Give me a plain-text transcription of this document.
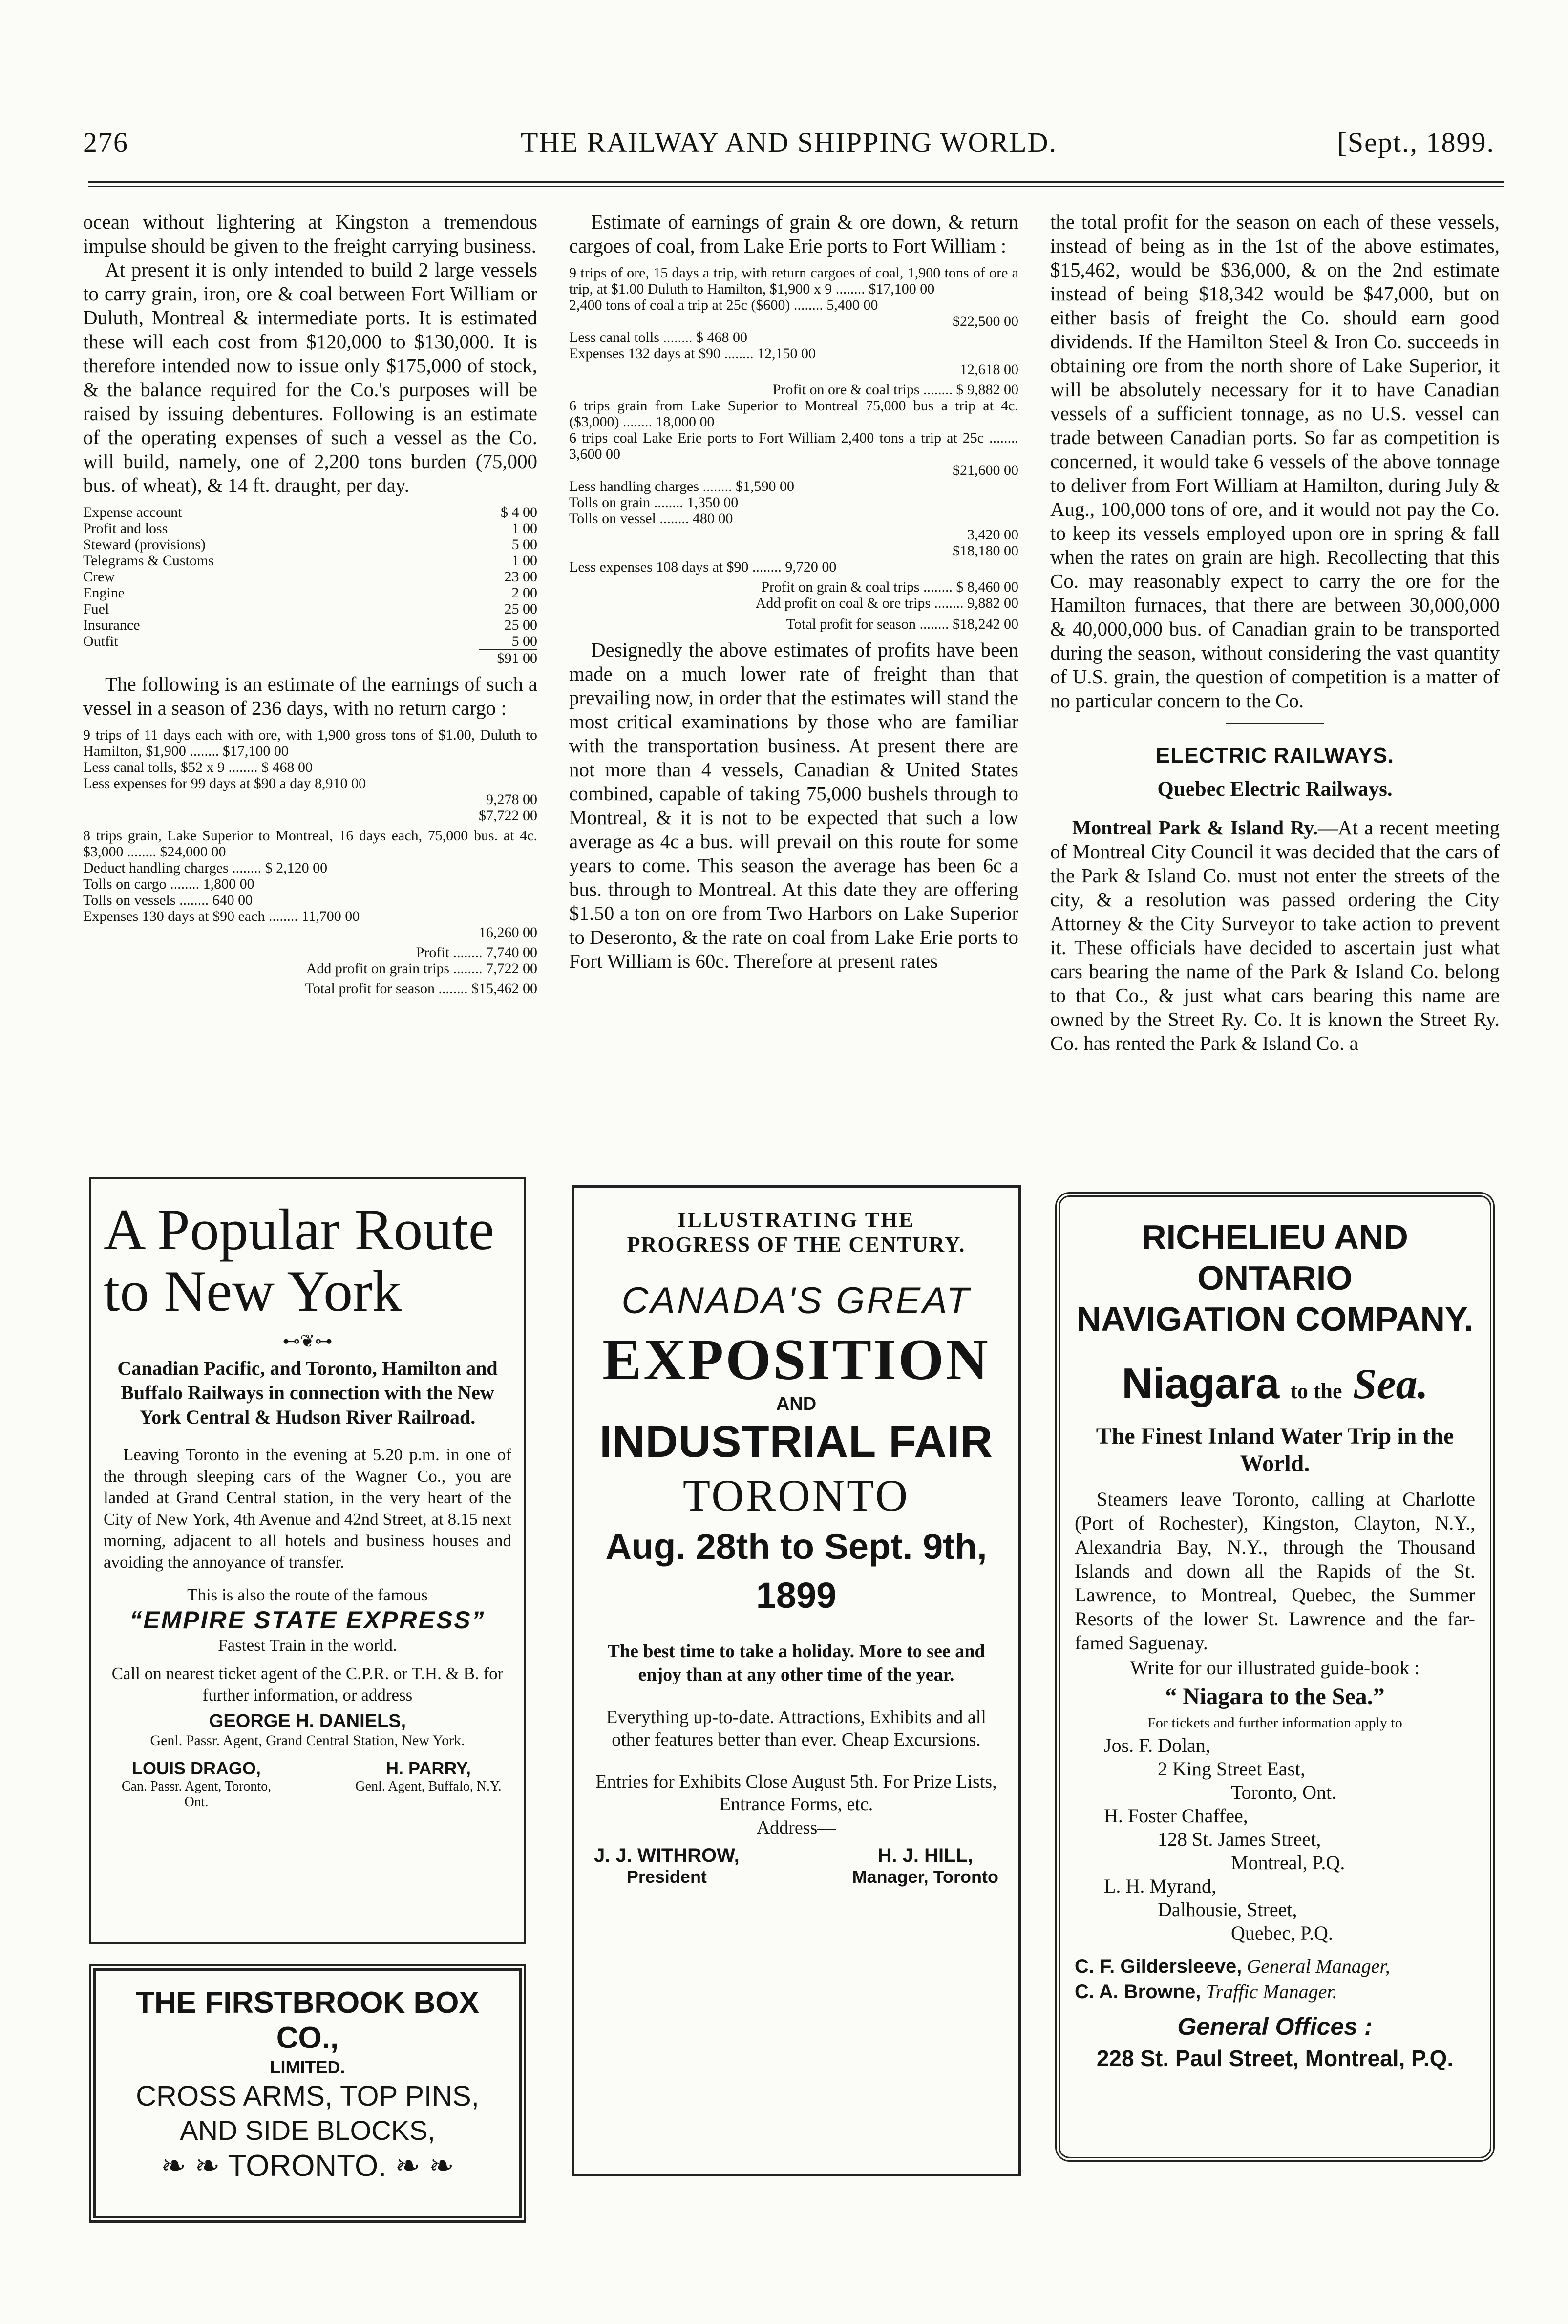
276	THE RAILWAY AND SHIPPING WORLD.	[Sept., 1899.

ocean without lightering at Kingston a tremendous impulse should be given to the freight carrying business.

At present it is only intended to build 2 large vessels to carry grain, iron, ore & coal between Fort William or Duluth, Montreal & intermediate ports. It is estimated these will each cost from $120,000 to $130,000. It is therefore intended now to issue only $175,000 of stock, & the balance required for the Co.'s purposes will be raised by issuing debentures. Following is an estimate of the operating expenses of such a vessel as the Co. will build, namely, one of 2,200 tons burden (75,000 bus. of wheat), & 14 ft. draught, per day.

Expense account	$ 4 00
Profit and loss	1 00
Steward (provisions)	5 00
Telegrams & Customs	1 00
Crew	23 00
Engine	2 00
Fuel	25 00
Insurance	25 00
Outfit	5 00
$91 00

The following is an estimate of the earnings of such a vessel in a season of 236 days, with no return cargo :

9 trips of 11 days each with ore, with 1,900 gross tons of $1.00, Duluth to Hamilton, $1,900 ........ $17,100 00
Less canal tolls, $52 x 9 ........ $ 468 00
Less expenses for 99 days at $90 a day 8,910 00
9,278 00
$7,722 00
8 trips grain, Lake Superior to Montreal, 16 days each, 75,000 bus. at 4c. $3,000 ........ $24,000 00
Deduct handling charges ........ $ 2,120 00
Tolls on cargo ........ 1,800 00
Tolls on vessels ........ 640 00
Expenses 130 days at $90 each ........ 11,700 00
16,260 00
Profit ........ 7,740 00
Add profit on grain trips ........ 7,722 00
Total profit for season ........ $15,462 00

Estimate of earnings of grain & ore down, & return cargoes of coal, from Lake Erie ports to Fort William :

9 trips of ore, 15 days a trip, with return cargoes of coal, 1,900 tons of ore a trip, at $1.00 Duluth to Hamilton, $1,900 x 9 ........ $17,100 00
2,400 tons of coal a trip at 25c ($600) ........ 5,400 00
$22,500 00
Less canal tolls ........ $ 468 00
Expenses 132 days at $90 ........ 12,150 00
12,618 00
Profit on ore & coal trips ........ $ 9,882 00
6 trips grain from Lake Superior to Montreal 75,000 bus a trip at 4c. ($3,000) ........ 18,000 00
6 trips coal Lake Erie ports to Fort William 2,400 tons a trip at 25c ........ 3,600 00
$21,600 00
Less handling charges ........ $1,590 00
Tolls on grain ........ 1,350 00
Tolls on vessel ........ 480 00
3,420 00
$18,180 00
Less expenses 108 days at $90 ........ 9,720 00
Profit on grain & coal trips ........ $ 8,460 00
Add profit on coal & ore trips ........ 9,882 00
Total profit for season ........ $18,242 00

Designedly the above estimates of profits have been made on a much lower rate of freight than that prevailing now, in order that the estimates will stand the most critical examinations by those who are familiar with the transportation business. At present there are not more than 4 vessels, Canadian & United States combined, capable of taking 75,000 bushels through to Montreal, & it is not to be expected that such a low average as 4c a bus. will prevail on this route for some years to come. This season the average has been 6c a bus. through to Montreal. At this date they are offering $1.50 a ton on ore from Two Harbors on Lake Superior to Deseronto, & the rate on coal from Lake Erie ports to Fort William is 60c. Therefore at present rates

the total profit for the season on each of these vessels, instead of being as in the 1st of the above estimates, $15,462, would be $36,000, & on the 2nd estimate instead of being $18,342 would be $47,000, but on either basis of freight the Co. should earn good dividends. If the Hamilton Steel & Iron Co. succeeds in obtaining ore from the north shore of Lake Superior, it will be absolutely necessary for it to have Canadian vessels of a sufficient tonnage, as no U.S. vessel can trade between Canadian ports. So far as competition is concerned, it would take 6 vessels of the above tonnage to deliver from Fort William at Hamilton, during July & Aug., 100,000 tons of ore, and it would not pay the Co. to keep its vessels employed upon ore in spring & fall when the rates on grain are high. Recollecting that this Co. may reasonably expect to carry the ore for the Hamilton furnaces, that there are between 30,000,000 & 40,000,000 bus. of Canadian grain to be transported during the season, without considering the vast quantity of U.S. grain, the question of competition is a matter of no particular concern to the Co.

ELECTRIC RAILWAYS.
Quebec Electric Railways.

Montreal Park & Island Ry.—At a recent meeting of Montreal City Council it was decided that the cars of the Park & Island Co. must not enter the streets of the city, & a resolution was passed ordering the City Attorney & the City Surveyor to take action to prevent it. These officials have decided to ascertain just what cars bearing the name of the Park & Island Co. belong to that Co., & just what cars bearing this name are owned by the Street Ry. Co. It is known the Street Ry. Co. has rented the Park & Island Co. a

A Popular Route to New York
⊷❦⊶
Canadian Pacific, and Toronto, Hamilton and Buffalo Railways in connection with the New York Central & Hudson River Railroad.
Leaving Toronto in the evening at 5.20 p.m. in one of the through sleeping cars of the Wagner Co., you are landed at Grand Central station, in the very heart of the City of New York, 4th Avenue and 42nd Street, at 8.15 next morning, adjacent to all hotels and business houses and avoiding the annoyance of transfer.
This is also the route of the famous
“EMPIRE STATE EXPRESS”
Fastest Train in the world.
Call on nearest ticket agent of the C.P.R. or T.H. & B. for further information, or address
GEORGE H. DANIELS,
Genl. Passr. Agent, Grand Central Station, New York.
LOUIS DRAGO,
Can. Passr. Agent, Toronto, Ont.
H. PARRY,
Genl. Agent, Buffalo, N.Y.
THE FIRSTBROOK BOX CO.,
LIMITED.
CROSS ARMS, TOP PINS,
AND SIDE BLOCKS,
❧ ❧ TORONTO. ❧ ❧
ILLUSTRATING THE
PROGRESS OF THE CENTURY.
CANADA'S GREAT
EXPOSITION
AND
INDUSTRIAL FAIR
TORONTO
Aug. 28th to Sept. 9th,
1899
The best time to take a holiday. More to see and enjoy than at any other time of the year.
Everything up-to-date. Attractions, Exhibits and all other features better than ever. Cheap Excursions.
Entries for Exhibits Close August 5th. For Prize Lists, Entrance Forms, etc.
Address—
J. J. WITHROW,
President
H. J. HILL,
Manager, Toronto
RICHELIEU AND ONTARIO
NAVIGATION COMPANY.
Niagara to the Sea.
The Finest Inland Water Trip in the World.
Steamers leave Toronto, calling at Charlotte (Port of Rochester), Kingston, Clayton, N.Y., Alexandria Bay, N.Y., through the Thousand Islands and down all the Rapids of the St. Lawrence, to Montreal, Quebec, the Summer Resorts of the lower St. Lawrence and the far-famed Saguenay.
Write for our illustrated guide-book :
“ Niagara to the Sea.”
For tickets and further information apply to
Jos. F. Dolan,
2 King Street East,
Toronto, Ont.
H. Foster Chaffee,
128 St. James Street,
Montreal, P.Q.
L. H. Myrand,
Dalhousie, Street,
Quebec, P.Q.
C. F. Gildersleeve, General Manager,
C. A. Browne, Traffic Manager.
General Offices :
228 St. Paul Street, Montreal, P.Q.
